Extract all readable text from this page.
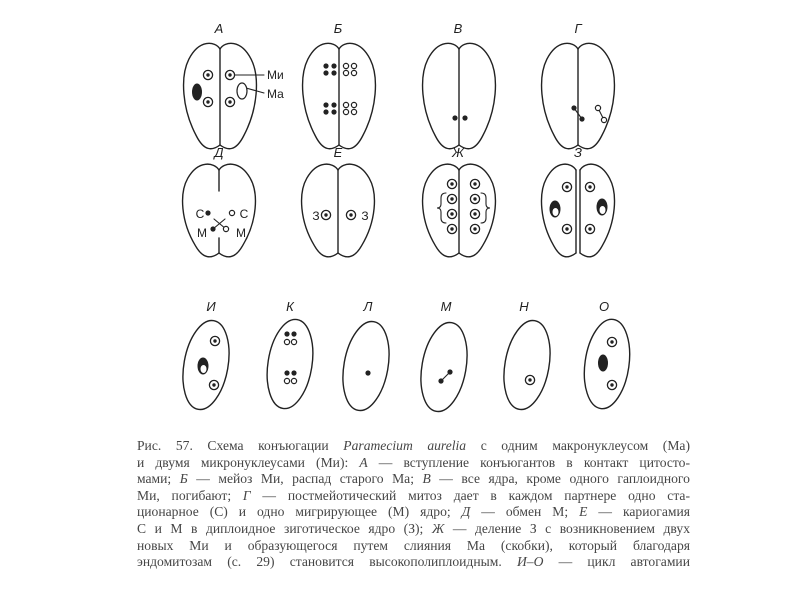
А
Ми
Ма
Б	В	Г
Д
С	С
М М
Е
З	З
Ж	З
И	К	Л	М	Н	О
Рис. 57. Схема конъюгации Paramecium aurelia с одним макронуклеусом (Ма)
и двумя микронуклеусами (Ми): А — вступление конъюгантов в контакт цитосто-
мами; Б — мейоз Ми, распад старого Ма; В — все ядра, кроме одного гаплоидного
Ми, погибают; Г — постмейотический митоз дает в каждом партнере одно ста-
ционарное (С) и одно мигрирующее (М) ядро; Д — обмен М; Е — кариогамия
С и М в диплоидное зиготическое ядро (З); Ж — деление З с возникновением двух
новых Ми и образующегося путем слияния Ма (скобки), который благодаря
эндомитозам (с. 29) становится высокополиплоидным. И–О — цикл автогамии
